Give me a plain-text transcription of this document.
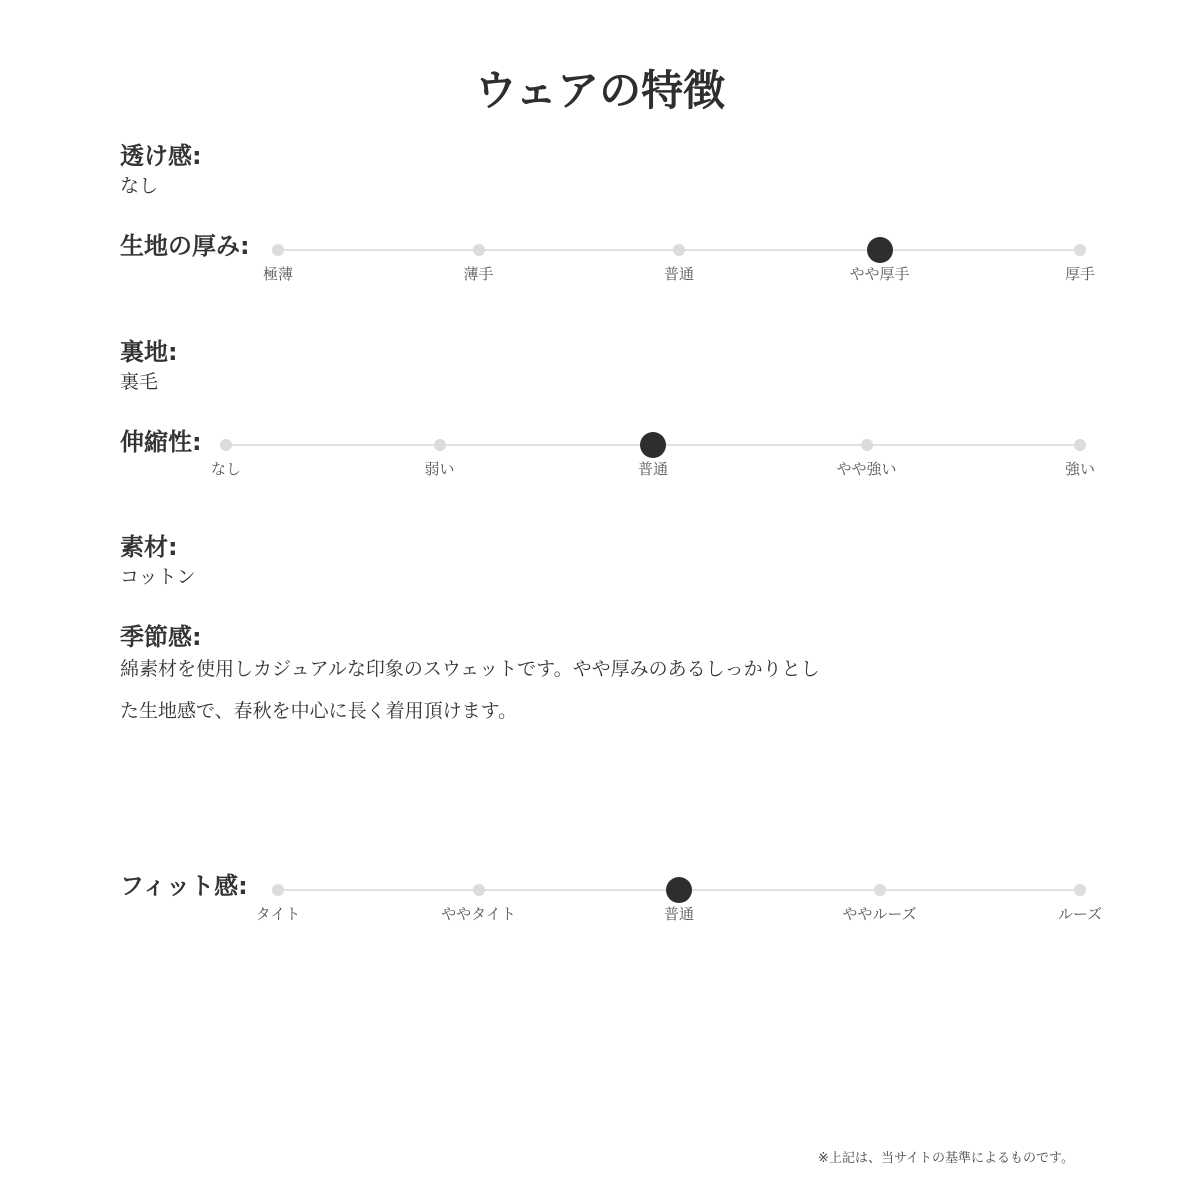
ウェアの特徴
透け感:
なし
生地の厚み:
極薄	薄手	普通	やや厚手	厚手
裏地:
裏毛
伸縮性:
なし	弱い	普通	やや強い	強い
素材:
コットン
季節感:

綿素材を使用しカジュアルな印象のスウェットです。やや厚みのあるしっかりとし
た生地感で、春秋を中心に長く着用頂けます。

フィット感:
タイト	ややタイト	普通	ややルーズ	ルーズ
※上記は、当サイトの基準によるものです。
